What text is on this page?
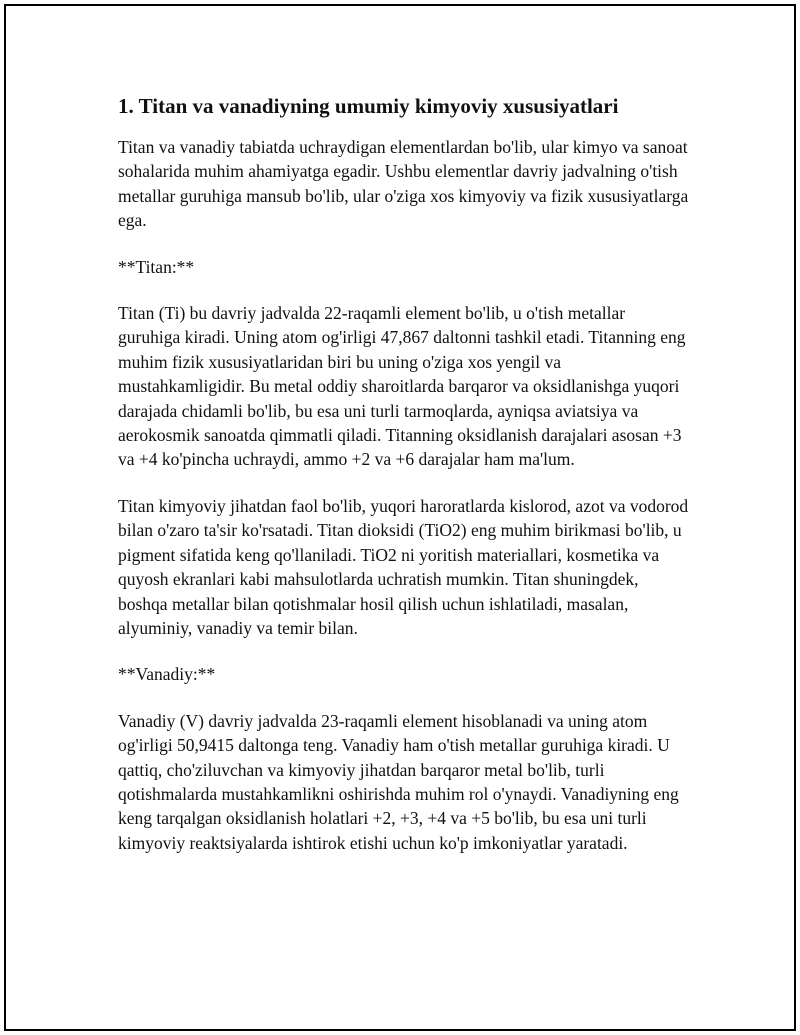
1. Titan va vanadiyning umumiy kimyoviy xususiyatlari

Titan va vanadiy tabiatda uchraydigan elementlardan bo'lib, ular kimyo va sanoat sohalarida muhim ahamiyatga egadir. Ushbu elementlar davriy jadvalning o'tish metallar guruhiga mansub bo'lib, ular o'ziga xos kimyoviy va fizik xususiyatlarga ega.

**Titan:**

Titan (Ti) bu davriy jadvalda 22-raqamli element bo'lib, u o'tish metallar guruhiga kiradi. Uning atom og'irligi 47,867 daltonni tashkil etadi. Titanning eng muhim fizik xususiyatlaridan biri bu uning o'ziga xos yengil va mustahkamligidir. Bu metal oddiy sharoitlarda barqaror va oksidlanishga yuqori darajada chidamli bo'lib, bu esa uni turli tarmoqlarda, ayniqsa aviatsiya va aerokosmik sanoatda qimmatli qiladi. Titanning oksidlanish darajalari asosan +3 va +4 ko'pincha uchraydi, ammo +2 va +6 darajalar ham ma'lum.

Titan kimyoviy jihatdan faol bo'lib, yuqori haroratlarda kislorod, azot va vodorod bilan o'zaro ta'sir ko'rsatadi. Titan dioksidi (TiO2) eng muhim birikmasi bo'lib, u pigment sifatida keng qo'llaniladi. TiO2 ni yoritish materiallari, kosmetika va quyosh ekranlari kabi mahsulotlarda uchratish mumkin. Titan shuningdek, boshqa metallar bilan qotishmalar hosil qilish uchun ishlatiladi, masalan, alyuminiy, vanadiy va temir bilan.

**Vanadiy:**

Vanadiy (V) davriy jadvalda 23-raqamli element hisoblanadi va uning atom og'irligi 50,9415 daltonga teng. Vanadiy ham o'tish metallar guruhiga kiradi. U qattiq, cho'ziluvchan va kimyoviy jihatdan barqaror metal bo'lib, turli qotishmalarda mustahkamlikni oshirishda muhim rol o'ynaydi. Vanadiyning eng keng tarqalgan oksidlanish holatlari +2, +3, +4 va +5 bo'lib, bu esa uni turli kimyoviy reaktsiyalarda ishtirok etishi uchun ko'p imkoniyatlar yaratadi.
